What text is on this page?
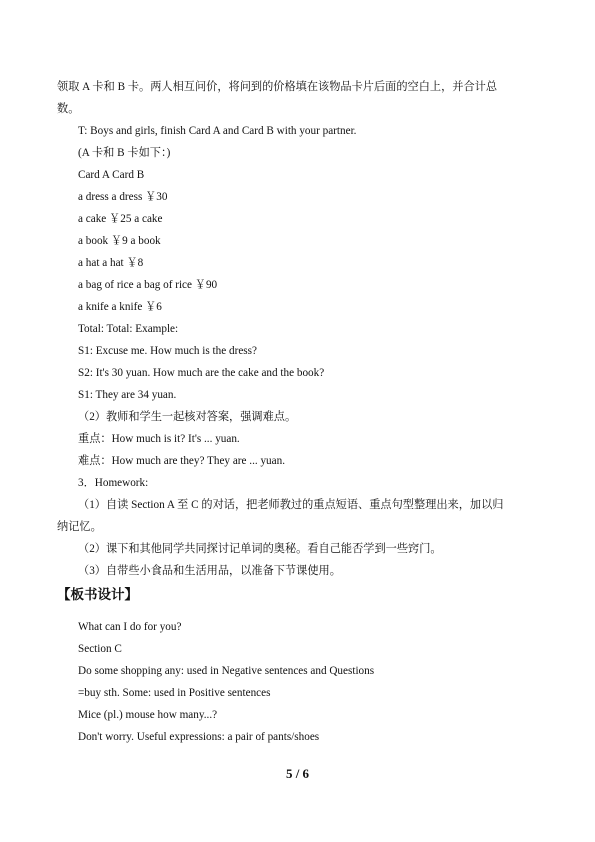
领取 A 卡和 B 卡。两人相互问价，将问到的价格填在该物品卡片后面的空白上，并合计总
数。
T: Boys and girls, finish Card A and Card B with your partner.
(A 卡和 B 卡如下：)
Card A Card B
a dress a dress ￥30
a cake ￥25 a cake
a book ￥9 a book
a hat a hat ￥8
a bag of rice a bag of rice ￥90
a knife a knife ￥6
Total: Total: Example:
S1: Excuse me. How much is the dress?
S2: It's 30 yuan. How much are the cake and the book?
S1: They are 34 yuan.
（2）教师和学生一起核对答案，强调难点。
重点：How much is it? It's ... yuan.
难点：How much are they? They are ... yuan.
3．Homework:
（1）自读 Section A 至 C 的对话，把老师教过的重点短语、重点句型整理出来，加以归
纳记忆。
（2）课下和其他同学共同探讨记单词的奥秘。看自己能否学到一些窍门。
（3）自带些小食品和生活用品，以准备下节课使用。
【板书设计】
What can I do for you?
Section C
Do some shopping any: used in Negative sentences and Questions
=buy sth. Some: used in Positive sentences
Mice (pl.) mouse how many...?
Don't worry. Useful expressions: a pair of pants/shoes
5 / 6
